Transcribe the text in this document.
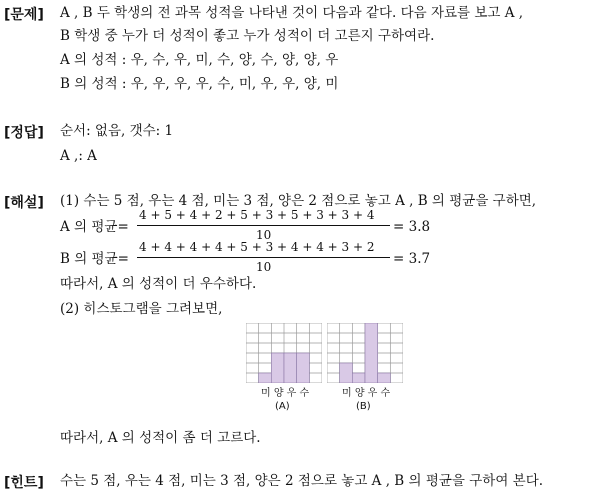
[문제] A , B 두 학생의 전 과목 성적을 나타낸 것이 다음과 같다. 다음 자료를 보고 A ,
B 학생 중 누가 더 성적이 좋고 누가 성적이 더 고른지 구하여라.
A 의 성적 : 우, 수, 우, 미, 수, 양, 수, 양, 양, 우
B 의 성적 : 우, 우, 우, 우, 수, 미, 우, 우, 양, 미
[정답] 순서: 없음, 갯수: 1
A ,: A
[해설] (1) 수는 5 점, 우는 4 점, 미는 3 점, 양은 2 점으로 놓고 A , B 의 평균을 구하면,
A 의 평균=
4 + 5 + 4 + 2 + 5 + 3 + 5 + 3 + 3 + 4
10	= 3.8
B 의 평균=
4 + 4 + 4 + 4 + 5 + 3 + 4 + 4 + 3 + 2
10	= 3.7
따라서, A 의 성적이 더 우수하다.
(2) 히스토그램을 그려보면,
미 양 우 수	미 양 우 수
(A)	(B)
따라서, A 의 성적이 좀 더 고르다.
[힌트] 수는 5 점, 우는 4 점, 미는 3 점, 양은 2 점으로 놓고 A , B 의 평균을 구하여 본다.
